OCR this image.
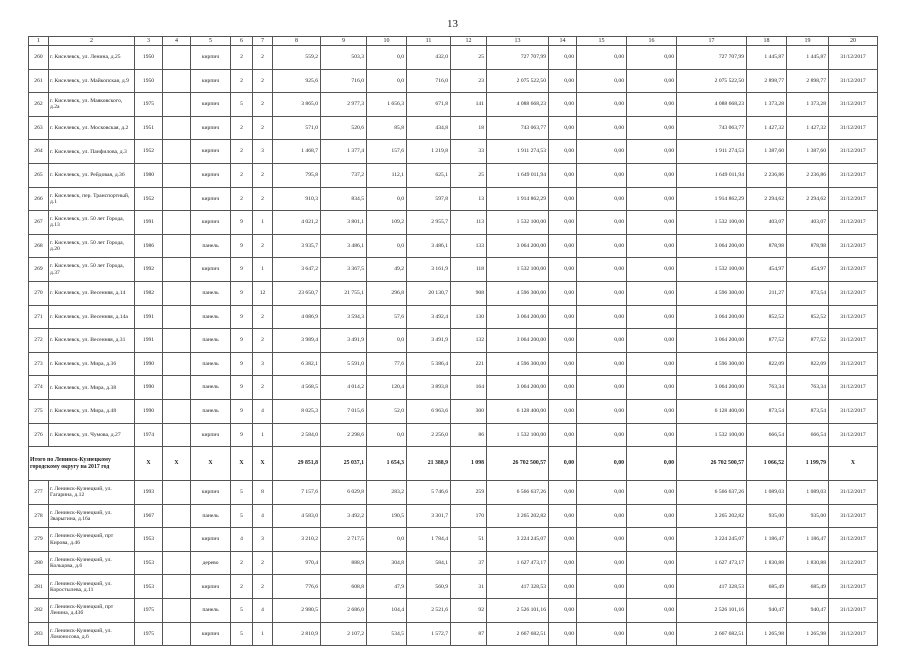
13
1	2	3	4	5	6	7	8	9	10	11	12	13	14	15	16	17	18	19	20
260	г. Киселевск, ул. Ленина, д.25	1950		кирпич	2	2	559,2	503,3	0,0	432,0	25	727 707,99	0,00	0,00	0,00	727 707,99	1 445,87	1 445,87	31/12/2017
261	г. Киселевск, ул. Майкопская, д.9	1950		кирпич	2	2	925,6	716,0	0,0	716,0	23	2 075 522,50	0,00	0,00	0,00	2 075 522,50	2 898,77	2 898,77	31/12/2017
262	г. Киселевск, ул. Маяковского, д.2а	1975		кирпич	5	2	3 865,0	2 977,3	1 656,3	671,8	141	4 088 668,23	0,00	0,00	0,00	4 088 668,23	1 373,28	1 373,28	31/12/2017
263	г. Киселевск, ул. Московская, д.2	1951		кирпич	2	2	571,0	520,6	85,8	434,8	18	743 063,77	0,00	0,00	0,00	743 063,77	1 427,32	1 427,32	31/12/2017
264	г. Киселевск, ул. Панфилова, д.3	1952		кирпич	2	3	1 468,7	1 377,4	157,6	1 219,8	33	1 911 274,53	0,00	0,00	0,00	1 911 274,53	1 387,60	1 387,60	31/12/2017
265	г. Киселевск, ул. Рейдовая, д.36	1980		кирпич	2	2	795,8	737,2	112,1	625,1	25	1 649 011,94	0,00	0,00	0,00	1 649 011,94	2 236,86	2 236,86	31/12/2017
266	г. Киселевск, пер. Транспортный, д.1	1952		кирпич	2	2	910,3	834,5	0,0	597,8	13	1 914 862,29	0,00	0,00	0,00	1 914 862,29	2 294,62	2 294,62	31/12/2017
267	г. Киселевск, ул. 50 лет Города, д.13	1991		кирпич	9	1	4 021,2	3 801,1	109,2	2 955,7	113	1 532 100,00	0,00	0,00	0,00	1 532 100,00	403,07	403,07	31/12/2017
268	г. Киселевск, ул. 50 лет Города, д.20	1986		панель	9	2	3 935,7	3 486,1	0,0	3 486,1	133	3 064 200,00	0,00	0,00	0,00	3 064 200,00	878,98	878,98	31/12/2017
269	г. Киселевск, ул. 50 лет Города, д.37	1992		кирпич	9	1	3 647,2	3 367,5	49,2	3 161,9	118	1 532 100,00	0,00	0,00	0,00	1 532 100,00	454,97	454,97	31/12/2017
270	г. Киселевск, ул. Весенняя, д.14	1982		панель	9	12	23 650,7	21 755,1	296,8	20 130,7	908	4 596 300,00	0,00	0,00	0,00	4 596 300,00	211,27	873,54	31/12/2017
271	г. Киселевск, ул. Весенняя, д.14а	1991		панель	9	2	4 086,9	3 594,3	57,6	3 492,4	130	3 064 200,00	0,00	0,00	0,00	3 064 200,00	852,52	852,52	31/12/2017
272	г. Киселевск, ул. Весенняя, д.31	1991		панель	9	2	3 989,4	3 491,9	0,0	3 491,9	132	3 064 200,00	0,00	0,00	0,00	3 064 200,00	877,52	877,52	31/12/2017
273	г. Киселевск, ул. Мира, д.36	1990		панель	9	3	6 382,1	5 591,0	77,6	5 386,4	221	4 596 300,00	0,00	0,00	0,00	4 596 300,00	822,09	822,09	31/12/2017
274	г. Киселевск, ул. Мира, д.38	1990		панель	9	2	4 568,5	4 014,2	120,4	3 893,8	164	3 064 200,00	0,00	0,00	0,00	3 064 200,00	763,34	763,34	31/12/2017
275	г. Киселевск, ул. Мира, д.48	1990		панель	9	4	8 025,3	7 015,6	52,0	6 963,6	300	6 128 400,00	0,00	0,00	0,00	6 128 400,00	873,54	873,54	31/12/2017
276	г. Киселевск, ул. Чумова, д.27	1974		кирпич	9	1	2 584,0	2 298,6	0,0	2 256,0	86	1 532 100,00	0,00	0,00	0,00	1 532 100,00	666,54	666,54	31/12/2017
Итого по Ленинск-Кузнецкому городскому округу на 2017 год		X	X	X	X	X	29 851,8	25 037,1	1 654,3	21 388,9	1 098	26 702 500,57	0,00	0,00	0,00	26 702 500,57	1 066,52	1 199,79	X
277	г. Ленинск-Кузнецкий, ул. Гагарина, д.12	1993		кирпич	5	8	7 157,6	6 029,8	283,2	5 746,6	259	6 566 637,26	0,00	0,00	0,00	6 566 637,26	1 089,03	1 089,03	31/12/2017
278	г. Ленинск-Кузнецкий, ул. Зварыгина, д.16а	1967		панель	5	4	4 583,0	3 492,2	190,5	3 301,7	170	3 265 202,82	0,00	0,00	0,00	3 265 202,82	935,00	935,00	31/12/2017
279	г. Ленинск-Кузнецкий, прт Кирова, д.46	1953		кирпич	4	3	3 210,2	2 717,5	0,0	1 784,4	51	3 224 245,07	0,00	0,00	0,00	3 224 245,07	1 186,47	1 186,47	31/12/2017
280	г. Ленинск-Кузнецкий, ул. Кольцова, д.6	1953		дерево	2	2	970,4	888,9	304,8	584,1	37	1 627 473,17	0,00	0,00	0,00	1 627 473,17	1 830,88	1 830,88	31/12/2017
281	г. Ленинск-Кузнецкий, ул. Коростылева, д.11	1953		кирпич	2	2	776,6	608,8	47,9	560,9	31	417 328,53	0,00	0,00	0,00	417 328,53	685,49	685,49	31/12/2017
282	г. Ленинск-Кузнецкий, прт Ленина, д.43б	1975		панель	5	4	2 980,5	2 686,0	104,4	2 521,6	92	2 526 101,16	0,00	0,00	0,00	2 526 101,16	940,47	940,47	31/12/2017
283	г. Ленинск-Кузнецкий, ул. Ломоносова, д.6	1975		кирпич	5	1	2 810,9	2 107,2	534,5	1 572,7	87	2 667 682,51	0,00	0,00	0,00	2 667 682,51	1 265,98	1 265,98	31/12/2017
